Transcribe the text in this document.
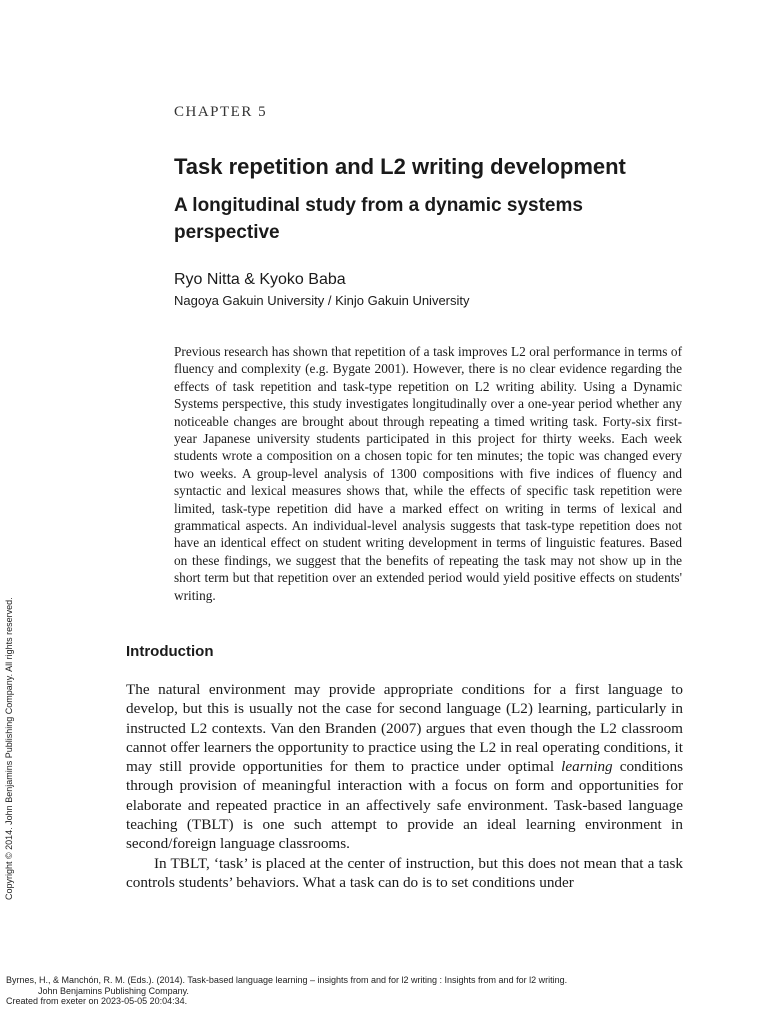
CHAPTER 5
Task repetition and L2 writing development
A longitudinal study from a dynamic systems perspective
Ryo Nitta & Kyoko Baba
Nagoya Gakuin University / Kinjo Gakuin University

Previous research has shown that repetition of a task improves L2 oral performance in terms of fluency and complexity (e.g. Bygate 2001). However, there is no clear evidence regarding the effects of task repetition and task-type repetition on L2 writing ability. Using a Dynamic Systems perspective, this study investigates longitudinally over a one-year period whether any noticeable changes are brought about through repeating a timed writing task. Forty-six first-year Japanese university students participated in this project for thirty weeks. Each week students wrote a composition on a chosen topic for ten minutes; the topic was changed every two weeks. A group-level analysis of 1300 compositions with five indices of fluency and syntactic and lexical measures shows that, while the effects of specific task repetition were limited, task-type repetition did have a marked effect on writing in terms of lexical and grammatical aspects. An individual-level analysis suggests that task-type repetition does not have an identical effect on student writing development in terms of linguistic features. Based on these findings, we suggest that the benefits of repeating the task may not show up in the short term but that repetition over an extended period would yield positive effects on students' writing.

Introduction

The natural environment may provide appropriate conditions for a first language to develop, but this is usually not the case for second language (L2) learning, particularly in instructed L2 contexts. Van den Branden (2007) argues that even though the L2 classroom cannot offer learners the opportunity to practice using the L2 in real operating conditions, it may still provide opportunities for them to practice under optimal learning conditions through provision of meaningful interaction with a focus on form and opportunities for elaborate and repeated practice in an affectively safe environment. Task-based language teaching (TBLT) is one such attempt to provide an ideal learning environment in second/foreign language classrooms.

In TBLT, ‘task’ is placed at the center of instruction, but this does not mean that a task controls students’ behaviors. What a task can do is to set conditions under

Copyright © 2014. John Benjamins Publishing Company. All rights reserved.
Byrnes, H., & Manchón, R. M. (Eds.). (2014). Task-based language learning – insights from and for l2 writing : Insights from and for l2 writing.
John Benjamins Publishing Company.
Created from exeter on 2023-05-05 20:04:34.
